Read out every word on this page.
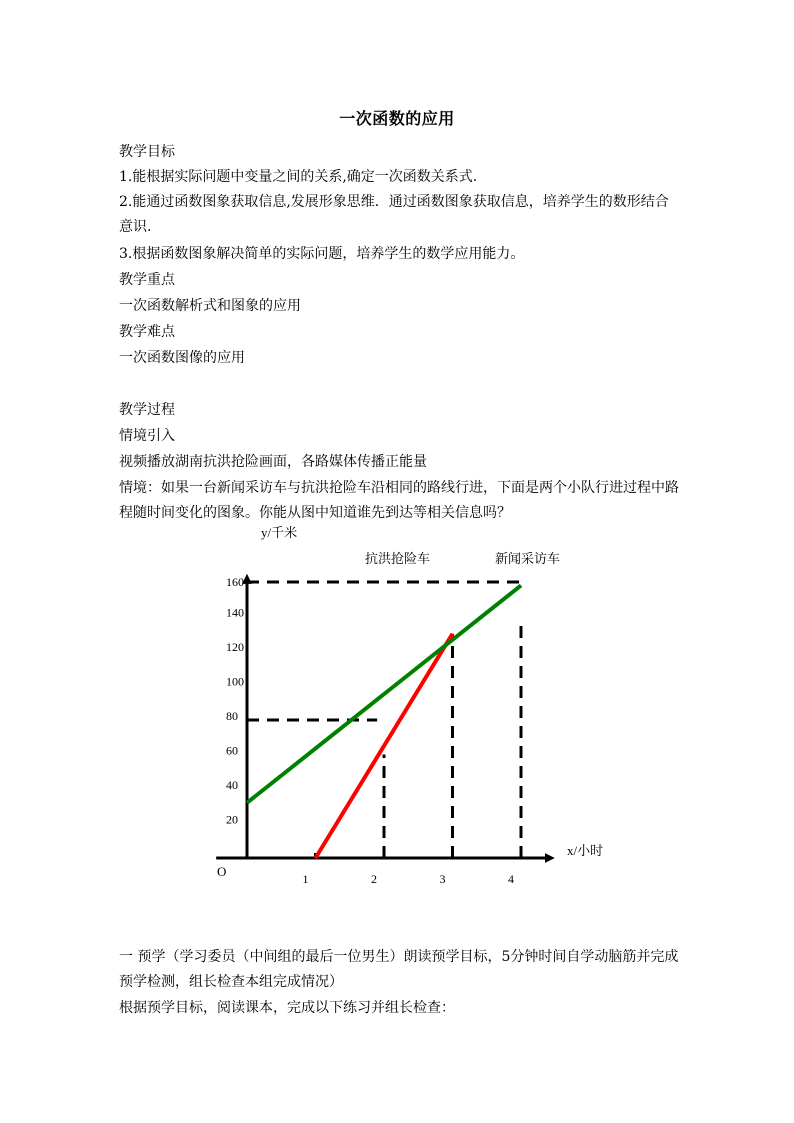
一次函数的应用
教学目标
1.能根据实际问题中变量之间的关系,确定一次函数关系式.
2.能通过函数图象获取信息,发展形象思维．通过函数图象获取信息，培养学生的数形结合意识.
3.根据函数图象解决简单的实际问题，培养学生的数学应用能力。
教学重点
一次函数解析式和图象的应用
教学难点
一次函数图像的应用
教学过程
情境引入
视频播放湖南抗洪抢险画面，各路媒体传播正能量
情境：如果一台新闻采访车与抗洪抢险车沿相同的路线行进，下面是两个小队行进过程中路程随时间变化的图象。你能从图中知道谁先到达等相关信息吗？
1	2	3	4
20
40
60
80
100
120
140
160
抗洪抢险车	新闻采访车
y/千米
x/小时
O
一 预学（学习委员（中间组的最后一位男生）朗读预学目标，5分钟时间自学动脑筋并完成预学检测，组长检查本组完成情况）
根据预学目标，阅读课本，完成以下练习并组长检查：
